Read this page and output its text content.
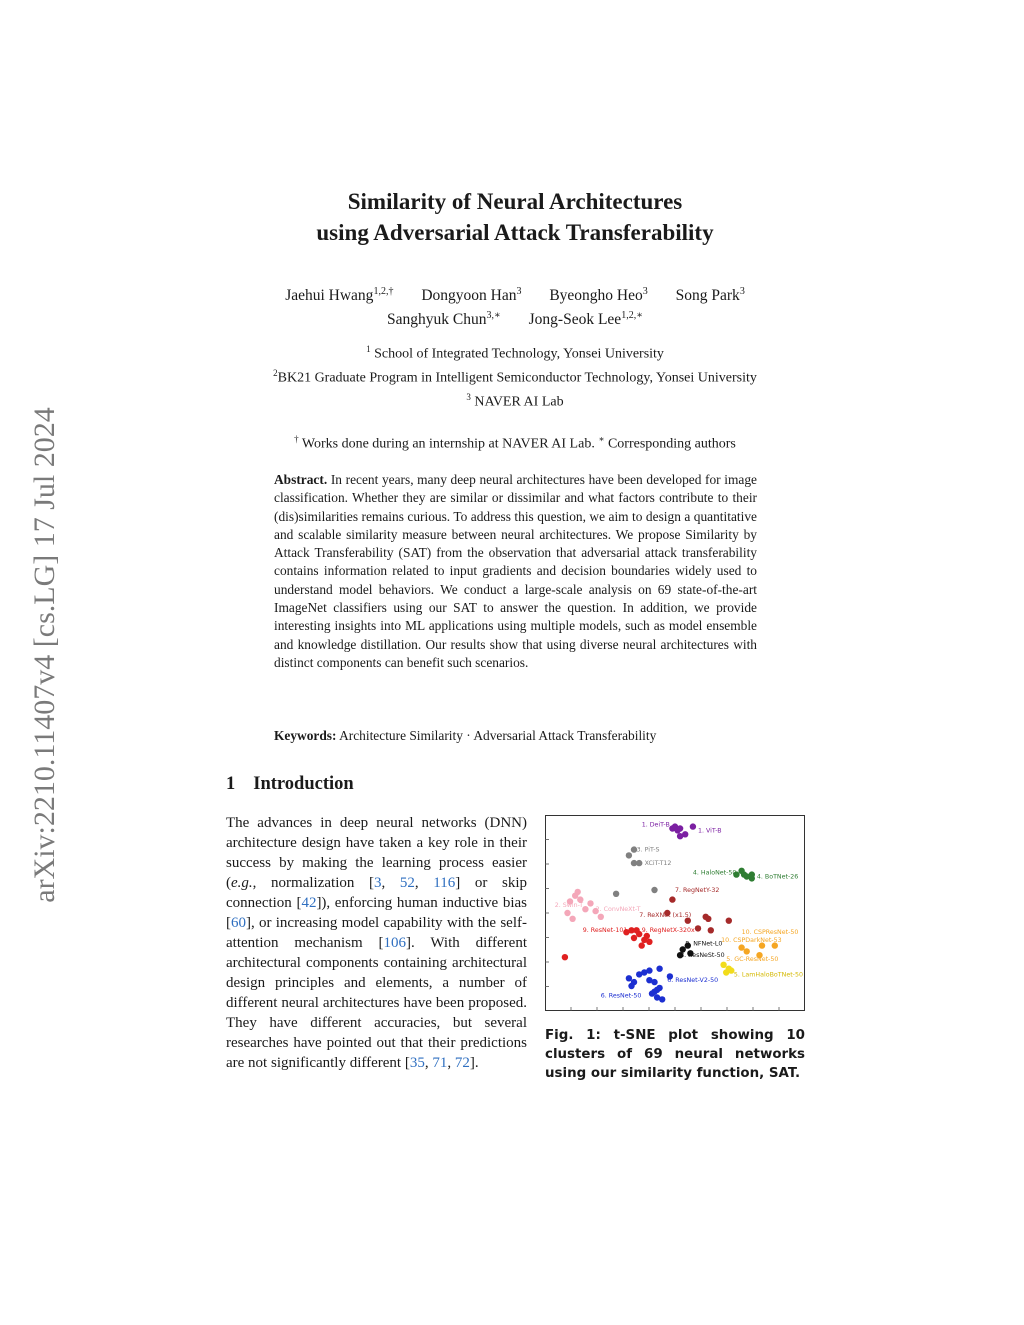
arXiv:2210.11407v4 [cs.LG] 17 Jul 2024
Similarity of Neural Architectures
using Adversarial Attack Transferability
Jaehui Hwang$^{1,2,\dagger}$ Dongyoon Han$^3$ Byeongho Heo$^3$ Song Park$^3$
Sanghyuk Chun$^{3,∗}$ Jong-Seok Lee$^{1,2,∗}$
$^1$ School of Integrated Technology, Yonsei University
$^2$BK21 Graduate Program in Intelligent Semiconductor Technology, Yonsei University
$^3$ NAVER AI Lab
† Works done during an internship at NAVER AI Lab. ∗ Corresponding authors
Abstract. In recent years, many deep neural architectures have been developed for image classification. Whether they are similar or dissimilar and what factors contribute to their (dis)similarities remains curious. To address this question, we aim to design a quantitative and scalable similarity measure between neural architectures. We propose Similarity by Attack Transferability (SAT) from the observation that adversarial attack transferability contains information related to input gradients and decision boundaries widely used to understand model behaviors. We conduct a large-scale analysis on 69 state-of-the-art ImageNet classifiers using our SAT to answer the question. In addition, we provide interesting insights into ML applications using multiple models, such as model ensemble and knowledge distillation. Our results show that using diverse neural architectures with distinct components can benefit such scenarios.
Keywords: Architecture Similarity · Adversarial Attack Transferability
1 Introduction
The advances in deep neural networks (DNN) architecture design have taken a key role in their success by making the learning process easier (e.g., normalization [3, 52, 116] or skip connection [42]), enforcing human inductive bias [60], or increasing model capability with the self-attention mechanism [106]. With different architectural components containing architectural design principles and elements, a number of different neural architectures have been proposed. They have different accuracies, but several researches have pointed out that their predictions are not significantly different [35, 71, 72].
1. DeiT-B
1. ViT-B
3. PiT-S
3. XCiT-T12
2. Swin-T
2. ConvNeXt-T
4. HaloNet-50
4. BoTNet-26
7. RegNetY-32
7. ReXNet (x1.5)
9. ResNet-101-c 9. RegNetX-320x
8. NFNet-L0
8. ResNeSt-50
10. CSPResNet-50
10. CSPDarkNet-53
5. GC-ResNet-50
5. LamHaloBoTNet-50
6. ResNet-V2-50
6. ResNet-50
Fig. 1: t-SNE plot showing 10 clusters of 69 neural networks using our similarity function, SAT.
